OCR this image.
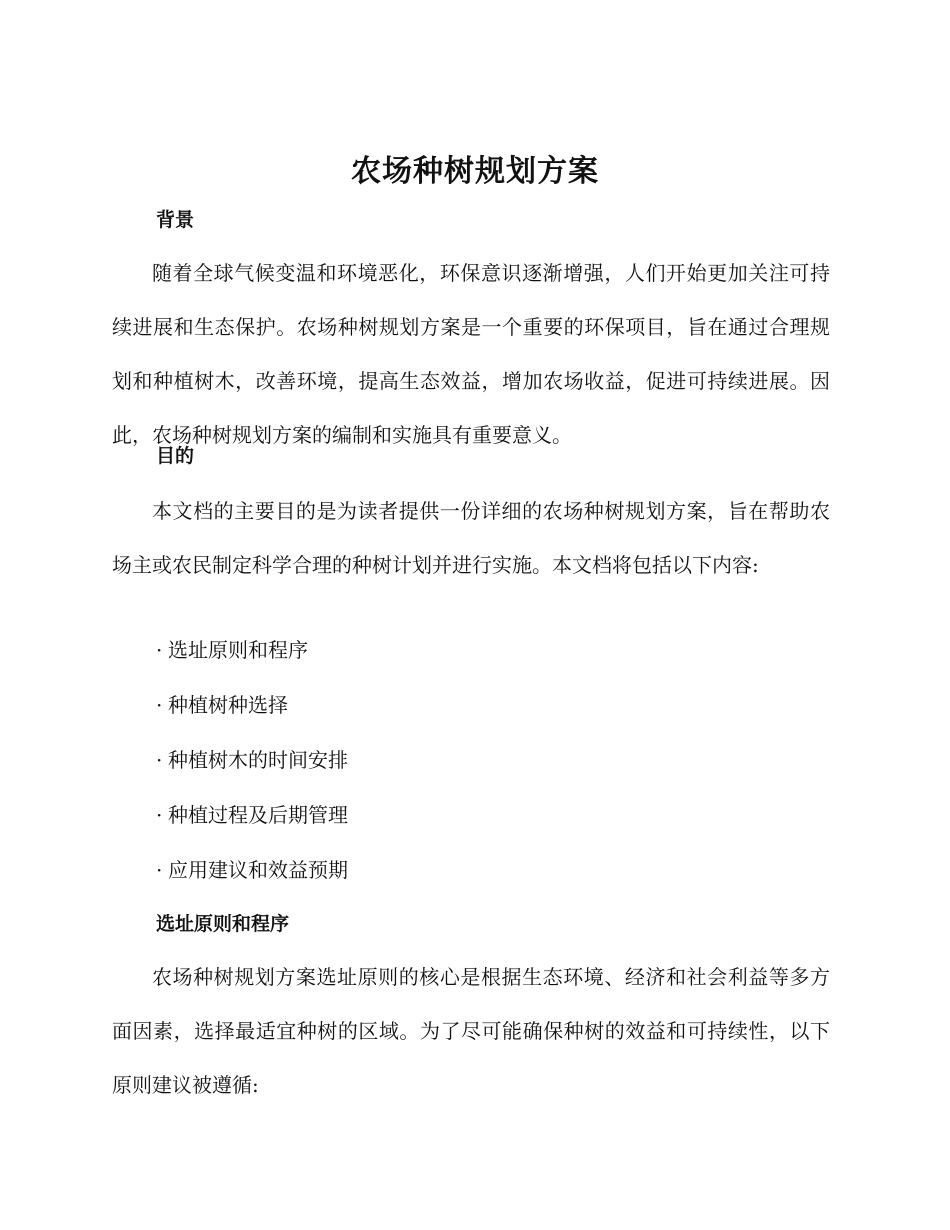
农场种树规划方案
背景

随着全球气候变温和环境恶化，环保意识逐渐增强，人们开始更加关注可持续进展和生态保护。农场种树规划方案是一个重要的环保项目，旨在通过合理规划和种植树木，改善环境，提高生态效益，增加农场收益，促进可持续进展。因此，农场种树规划方案的编制和实施具有重要意义。

目的

本文档的主要目的是为读者提供一份详细的农场种树规划方案，旨在帮助农场主或农民制定科学合理的种树计划并进行实施。本文档将包括以下内容:

· 选址原则和程序
· 种植树种选择
· 种植树木的时间安排
· 种植过程及后期管理
· 应用建议和效益预期
选址原则和程序

农场种树规划方案选址原则的核心是根据生态环境、经济和社会利益等多方面因素，选择最适宜种树的区域。为了尽可能确保种树的效益和可持续性，以下原则建议被遵循:
